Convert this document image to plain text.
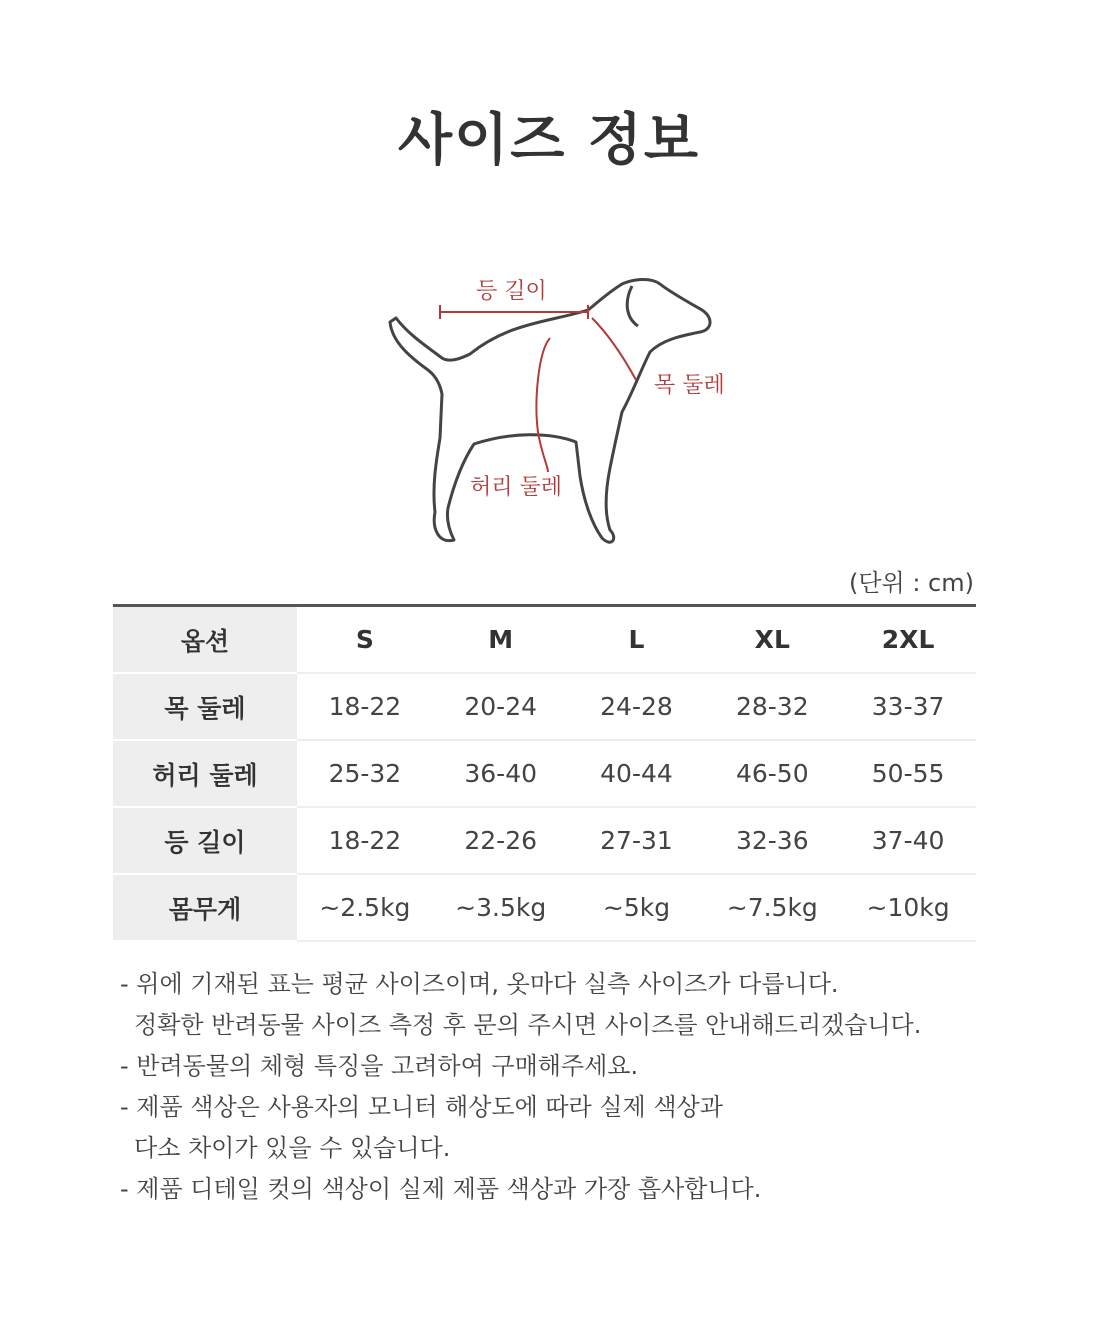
사이즈 정보
등 길이
목 둘레
허리 둘레
(단위 : cm)
옵션	S	M	L	XL	2XL
목 둘레	18-22	20-24	24-28	28-32	33-37
허리 둘레	25-32	36-40	40-44	46-50	50-55
등 길이	18-22	22-26	27-31	32-36	37-40
몸무게	~2.5kg	~3.5kg	~5kg	~7.5kg	~10kg
- 위에 기재된 표는 평균 사이즈이며, 옷마다 실측 사이즈가 다릅니다.
정확한 반려동물 사이즈 측정 후 문의 주시면 사이즈를 안내해드리겠습니다.
- 반려동물의 체형 특징을 고려하여 구매해주세요.
- 제품 색상은 사용자의 모니터 해상도에 따라 실제 색상과
다소 차이가 있을 수 있습니다.
- 제품 디테일 컷의 색상이 실제 제품 색상과 가장 흡사합니다.
